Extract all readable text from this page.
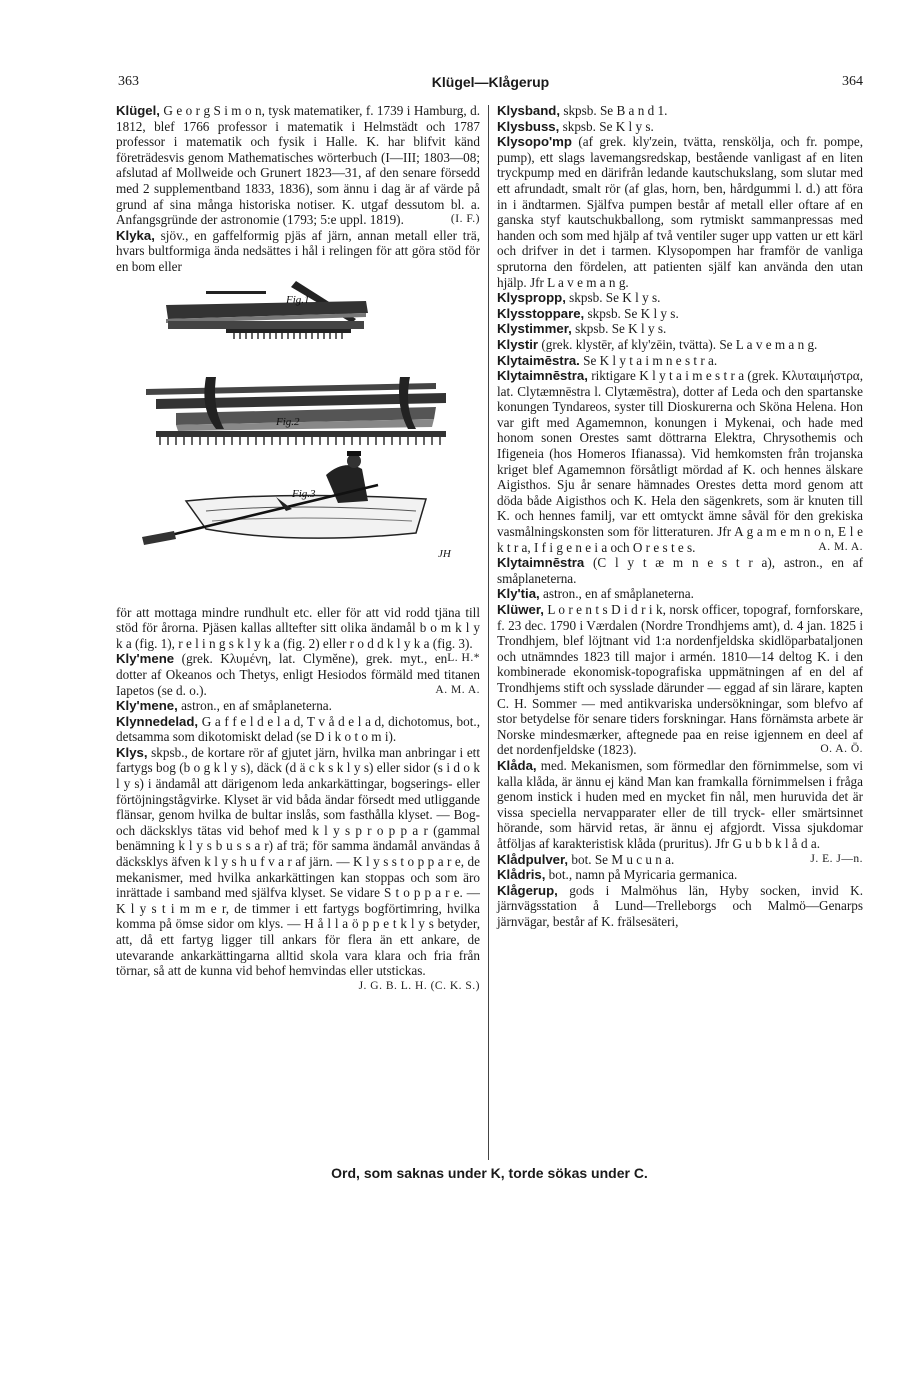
363	Klügel—Klågerup	364

Klügel, G e o r g S i m o n, tysk matematiker, f. 1739 i Hamburg, d. 1812, blef 1766 professor i matematik i Helmstädt och 1787 professor i matematik och fysik i Halle. K. har blifvit känd företrädesvis genom Mathematisches wörterbuch (I—III; 1803—08; afslutad af Mollweide och Grunert 1823—31, af den senare försedd med 2 supplementband 1833, 1836), som ännu i dag är af värde på grund af sina många historiska notiser. K. utgaf dessutom bl. a. Anfangsgründe der astronomie (1793; 5:e uppl. 1819).	(I. F.)

Klyka, sjöv., en gaffelformig pjäs af järn, annan metall eller trä, hvars bultformiga ända nedsättes i hål i relingen för att göra stöd för en bom eller

Fig.1
Fig.2
Fig.3
JH

för att mottaga mindre rundhult etc. eller för att vid rodd tjäna till stöd för årorna. Pjäsen kallas alltefter sitt olika ändamål b o m k l y k a (fig. 1), r e l i n g s k l y k a (fig. 2) eller r o d d k l y k a (fig. 3).
L. H.*

Kly'mene (grek. Κλυμένη, lat. Clymĕne), grek. myt., en dotter af Okeanos och Thetys, enligt Hesiodos förmäld med titanen Iapetos (se d. o.).	A. M. A.

Kly'mene, astron., en af småplaneterna.

Klynnedelad, G a f f e l d e l a d, T v å d e l a d, dichotomus, bot., detsamma som dikotomiskt delad (se D i k o t o m i).

Klys, skpsb., de kortare rör af gjutet järn, hvilka man anbringar i ett fartygs bog (b o g k l y s), däck (d ä c k s k l y s) eller sidor (s i d o k l y s) i ändamål att därigenom leda ankarkättingar, bogserings- eller förtöjningstågvirke. Klyset är vid båda ändar försedt med utliggande flänsar, genom hvilka de bultar inslås, som fasthålla klyset. — Bog- och däcksklys tätas vid behof med k l y s p r o p p a r (gammal benämning k l y s b u s s a r) af trä; för samma ändamål användas å däcksklys äfven k l y s h u f v a r af järn. — K l y s s t o p p a r e, de mekanismer, med hvilka ankarkättingen kan stoppas och som äro inrättade i samband med själfva klyset. Se vidare S t o p p a r e. — K l y s t i m m e r, de timmer i ett fartygs bogförtimring, hvilka komma på ömse sidor om klys. — H å l l a ö p p e t k l y s betyder, att, då ett fartyg ligger till ankars för flera än ett ankare, de utevarande ankarkättingarna alltid skola vara klara och fria från törnar, så att de kunna vid behof hemvindas eller utstickas.
J. G. B. L. H. (C. K. S.)

Klysband, skpsb. Se B a n d 1.

Klysbuss, skpsb. Se K l y s.

Klysopo'mp (af grek. kly'zein, tvätta, renskölja, och fr. pompe, pump), ett slags lavemangsredskap, bestående vanligast af en liten tryckpump med en därifrån ledande kautschukslang, som slutar med ett afrundadt, smalt rör (af glas, horn, ben, hårdgummi l. d.) att föra in i ändtarmen. Själfva pumpen består af metall eller oftare af en ganska styf kautschukballong, som rytmiskt sammanpressas med handen och som med hjälp af två ventiler suger upp vatten ur ett kärl och drifver in det i tarmen. Klysopompen har framför de vanliga sprutorna den fördelen, att patienten själf kan använda den utan hjälp. Jfr L a v e m a n g.

Klyspropp, skpsb. Se K l y s.

Klysstoppare, skpsb. Se K l y s.

Klystimmer, skpsb. Se K l y s.

Klystir (grek. klystēr, af kly'zēin, tvätta). Se L a v e m a n g.

Klytaimēstra. Se K l y t a i m n e s t r a.

Klytaimnēstra, riktigare K l y t a i m e s t r a (grek. Κλυταιμήστρα, lat. Clytæmnēstra l. Clytæmēstra), dotter af Leda och den spartanske konungen Tyndareos, syster till Dioskurerna och Sköna Helena. Hon var gift med Agamemnon, konungen i Mykenai, och hade med honom sonen Orestes samt döttrarna Elektra, Chrysothemis och Ifigeneia (hos Homeros Ifianassa). Vid hemkomsten från trojanska kriget blef Agamemnon försåtligt mördad af K. och hennes älskare Aigisthos. Sju år senare hämnades Orestes detta mord genom att döda både Aigisthos och K. Hela den sägenkrets, som är knuten till K. och hennes familj, var ett omtyckt ämne såväl för den grekiska vasmålningskonsten som för litteraturen. Jfr A g a m e m n o n, E l e k t r a, I f i g e n e i a och O r e s t e s.	A. M. A.

Klytaimnēstra (C l y t æ m n e s t r a), astron., en af småplaneterna.

Kly'tia, astron., en af småplaneterna.

Klüwer, L o r e n t s D i d r i k, norsk officer, topograf, fornforskare, f. 23 dec. 1790 i Værdalen (Nordre Trondhjems amt), d. 4 jan. 1825 i Trondhjem, blef löjtnant vid 1:a nordenfjeldska skidlöparbataljonen och utnämndes 1823 till major i armén. 1810—14 deltog K. i den kombinerade ekonomisk-topografiska uppmätningen af en del af Trondhjems stift och sysslade därunder — eggad af sin lärare, kapten C. H. Sommer — med antikvariska undersökningar, som blefvo af stor betydelse för senare tiders forskningar. Hans förnämsta arbete är Norske mindesmærker, aftegnede paa en reise igjennem en deel af det nordenfjeldske (1823).	O. A. Ö.

Klåda, med. Mekanismen, som förmedlar den förnimmelse, som vi kalla klåda, är ännu ej känd Man kan framkalla förnimmelsen i fråga genom instick i huden med en mycket fin nål, men huruvida det är vissa speciella nervapparater eller de till tryck- eller smärtsinnet hörande, som härvid retas, är ännu ej afgjordt. Vissa sjukdomar åtföljas af karakteristisk klåda (pruritus). Jfr G u b b k l å d a.
J. E. J—n.

Klådpulver, bot. Se M u c u n a.

Klådris, bot., namn på Myricaria germanica.

Klågerup, gods i Malmöhus län, Hyby socken, invid K. järnvägsstation å Lund—Trelleborgs och Malmö—Genarps järnvägar, består af K. frälsesäteri,

Ord, som saknas under K, torde sökas under C.
